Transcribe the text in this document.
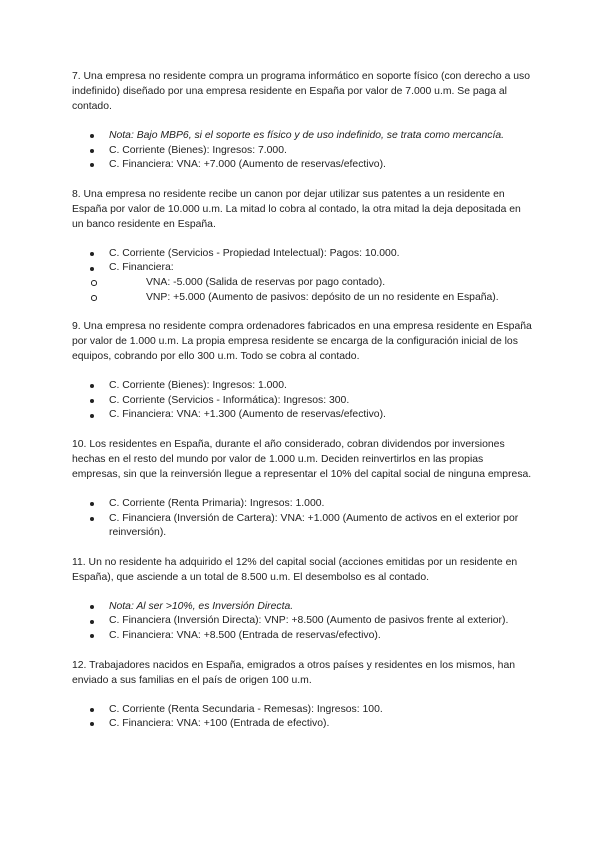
7. Una empresa no residente compra un programa informático en soporte físico (con derecho a uso indefinido) diseñado por una empresa residente en España por valor de 7.000 u.m. Se paga al contado.

Nota: Bajo MBP6, si el soporte es físico y de uso indefinido, se trata como mercancía.
C. Corriente (Bienes): Ingresos: 7.000.
C. Financiera: VNA: +7.000 (Aumento de reservas/efectivo).

8. Una empresa no residente recibe un canon por dejar utilizar sus patentes a un residente en España por valor de 10.000 u.m. La mitad lo cobra al contado, la otra mitad la deja depositada en un banco residente en España.

C. Corriente (Servicios - Propiedad Intelectual): Pagos: 10.000.
C. Financiera:
VNA: -5.000 (Salida de reservas por pago contado).
VNP: +5.000 (Aumento de pasivos: depósito de un no residente en España).

9. Una empresa no residente compra ordenadores fabricados en una empresa residente en España por valor de 1.000 u.m. La propia empresa residente se encarga de la configuración inicial de los equipos, cobrando por ello 300 u.m. Todo se cobra al contado.

C. Corriente (Bienes): Ingresos: 1.000.
C. Corriente (Servicios - Informática): Ingresos: 300.
C. Financiera: VNA: +1.300 (Aumento de reservas/efectivo).

10. Los residentes en España, durante el año considerado, cobran dividendos por inversiones hechas en el resto del mundo por valor de 1.000 u.m. Deciden reinvertirlos en las propias empresas, sin que la reinversión llegue a representar el 10% del capital social de ninguna empresa.

C. Corriente (Renta Primaria): Ingresos: 1.000.
C. Financiera (Inversión de Cartera): VNA: +1.000 (Aumento de activos en el exterior por reinversión).

11. Un no residente ha adquirido el 12% del capital social (acciones emitidas por un residente en España), que asciende a un total de 8.500 u.m. El desembolso es al contado.

Nota: Al ser >10%, es Inversión Directa.
C. Financiera (Inversión Directa): VNP: +8.500 (Aumento de pasivos frente al exterior).
C. Financiera: VNA: +8.500 (Entrada de reservas/efectivo).

12. Trabajadores nacidos en España, emigrados a otros países y residentes en los mismos, han enviado a sus familias en el país de origen 100 u.m.

C. Corriente (Renta Secundaria - Remesas): Ingresos: 100.
C. Financiera: VNA: +100 (Entrada de efectivo).
